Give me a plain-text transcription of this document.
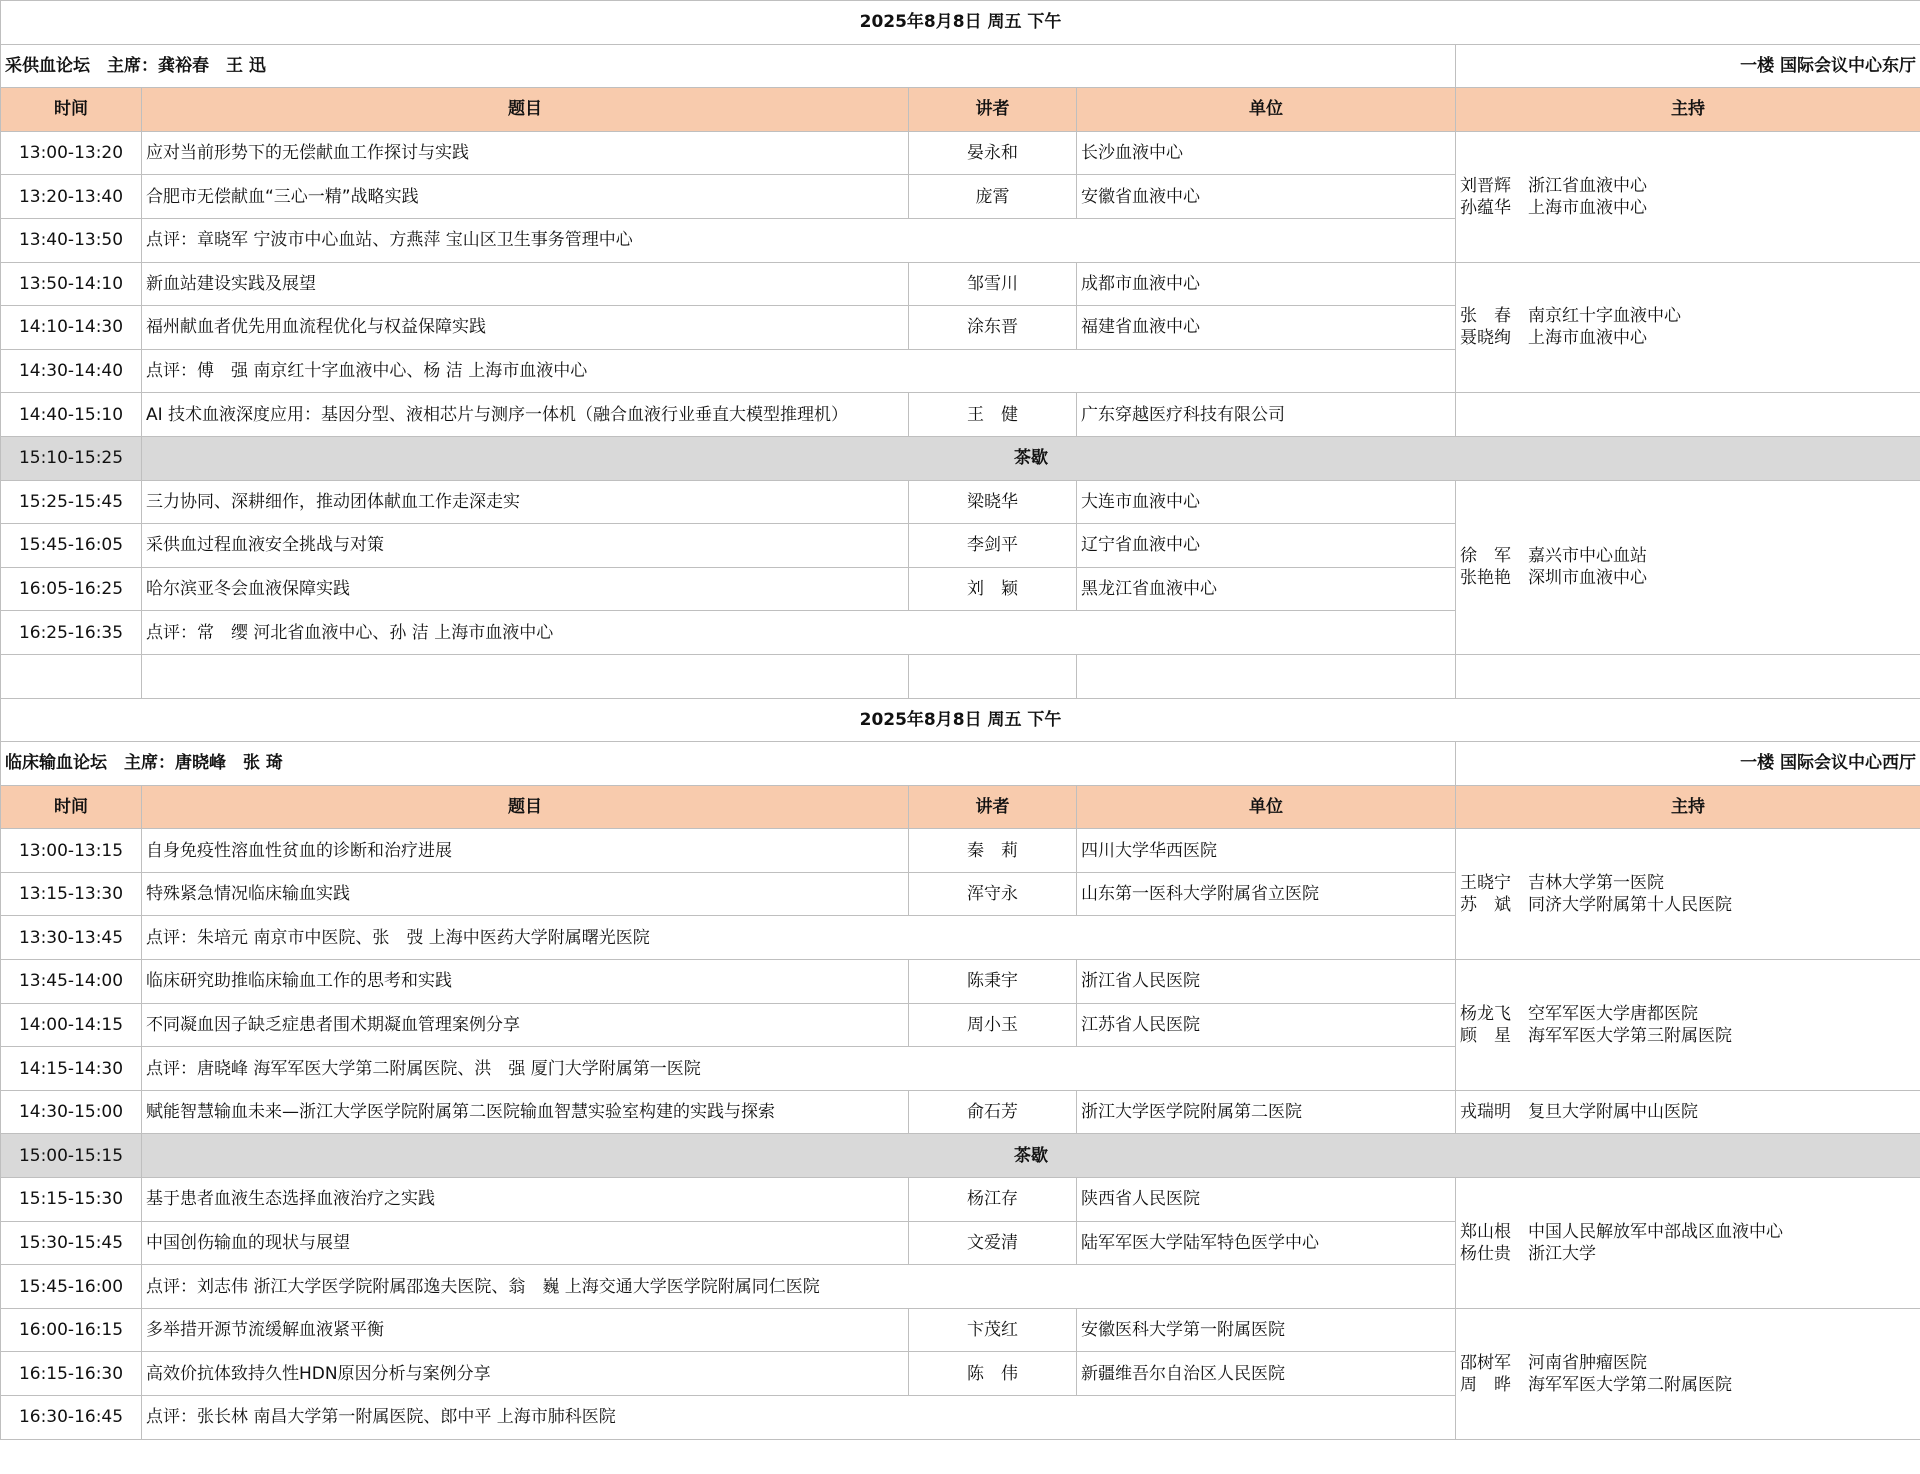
2025年8月8日 周五 下午				
采供血论坛　主席：龚裕春　王 迅				一楼 国际会议中心东厅
时间	题目	讲者	单位	主持
13:00-13:20	应对当前形势下的无偿献血工作探讨与实践	晏永和	长沙血液中心	刘晋辉　浙江省血液中心
孙蕴华　上海市血液中心

13:20-13:40	合肥市无偿献血“三心一精”战略实践	庞霄	安徽省血液中心	
13:40-13:50	点评：章晓军 宁波市中心血站、方燕萍 宝山区卫生事务管理中心			
13:50-14:10	新血站建设实践及展望	邹雪川	成都市血液中心	张　春　南京红十字血液中心
聂晓绚　上海市血液中心

14:10-14:30	福州献血者优先用血流程优化与权益保障实践	涂东晋	福建省血液中心	
14:30-14:40	点评：傅　强 南京红十字血液中心、杨 洁 上海市血液中心			
14:40-15:10	AI 技术血液深度应用：基因分型、液相芯片与测序一体机（融合血液行业垂直大模型推理机）	王　健	广东穿越医疗科技有限公司	
15:10-15:25	茶歇			
15:25-15:45	三力协同、深耕细作，推动团体献血工作走深走实	梁晓华	大连市血液中心	徐　军　嘉兴市中心血站
张艳艳　深圳市血液中心

15:45-16:05	采供血过程血液安全挑战与对策	李剑平	辽宁省血液中心	
16:05-16:25	哈尔滨亚冬会血液保障实践	刘　颖	黑龙江省血液中心	
16:25-16:35	点评：常　缨 河北省血液中心、孙 洁 上海市血液中心			

2025年8月8日 周五 下午				
临床输血论坛　主席：唐晓峰　张 琦				一楼 国际会议中心西厅
时间	题目	讲者	单位	主持
13:00-13:15	自身免疫性溶血性贫血的诊断和治疗进展	秦　莉	四川大学华西医院	王晓宁　吉林大学第一医院
苏　斌　同济大学附属第十人民医院

13:15-13:30	特殊紧急情况临床输血实践	浑守永	山东第一医科大学附属省立医院	
13:30-13:45	点评：朱培元 南京市中医院、张　弢 上海中医药大学附属曙光医院			
13:45-14:00	临床研究助推临床输血工作的思考和实践	陈秉宇	浙江省人民医院	杨龙飞　空军军医大学唐都医院
顾　星　海军军医大学第三附属医院

14:00-14:15	不同凝血因子缺乏症患者围术期凝血管理案例分享	周小玉	江苏省人民医院	
14:15-14:30	点评：唐晓峰 海军军医大学第二附属医院、洪　强 厦门大学附属第一医院			
14:30-15:00	赋能智慧输血未来—浙江大学医学院附属第二医院输血智慧实验室构建的实践与探索	俞石芳	浙江大学医学院附属第二医院	戎瑞明　复旦大学附属中山医院

15:00-15:15	茶歇			
15:15-15:30	基于患者血液生态选择血液治疗之实践	杨江存	陕西省人民医院	郑山根　中国人民解放军中部战区血液中心
杨仕贵　浙江大学

15:30-15:45	中国创伤输血的现状与展望	文爱清	陆军军医大学陆军特色医学中心	
15:45-16:00	点评：刘志伟 浙江大学医学院附属邵逸夫医院、翁　巍 上海交通大学医学院附属同仁医院			
16:00-16:15	多举措开源节流缓解血液紧平衡	卞茂红	安徽医科大学第一附属医院	邵树军　河南省肿瘤医院
周　晔　海军军医大学第二附属医院

16:15-16:30	高效价抗体致持久性HDN原因分析与案例分享	陈　伟	新疆维吾尔自治区人民医院	
16:30-16:45	点评：张长林 南昌大学第一附属医院、郎中平 上海市肺科医院			
